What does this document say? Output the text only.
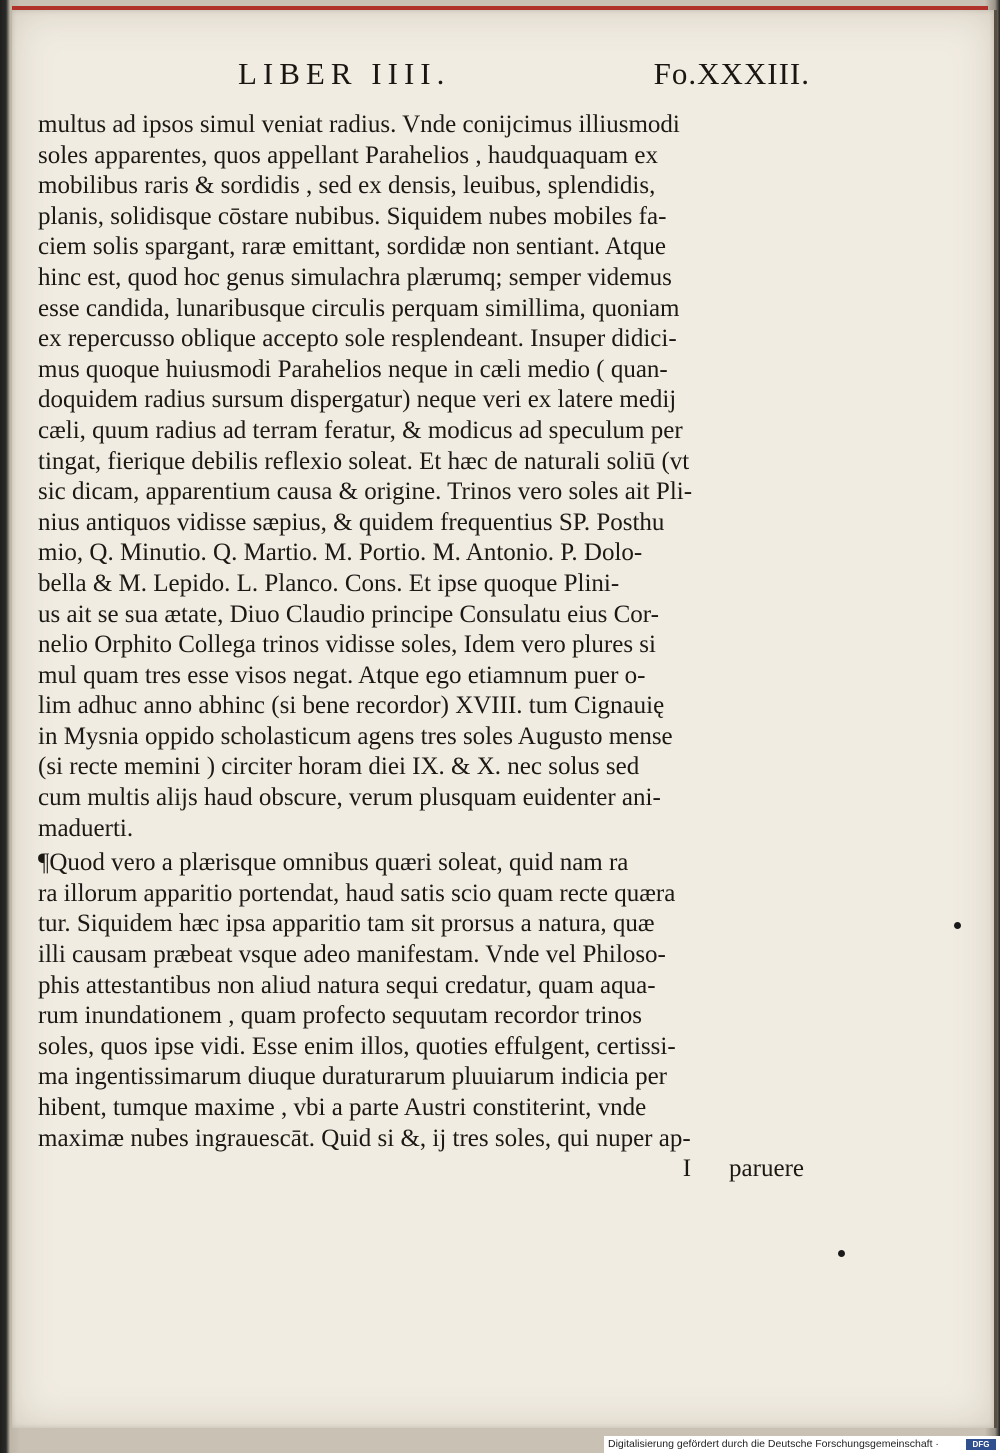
LIBER IIII.	Fo.XXXIII.
multus ad ipsos simul veniat radius. Vnde conijcimus illiusmodi
soles apparentes, quos appellant Parahelios , haudquaquam ex
mobilibus raris & sordidis , sed ex densis, leuibus, splendidis,
planis, solidisque cōstare nubibus. Siquidem nubes mobiles fa-
ciem solis spargant, raræ emittant, sordidæ non sentiant. Atque
hinc est, quod hoc genus simulachra plærumq; semper videmus
esse candida, lunaribusque circulis perquam simillima, quoniam
ex repercusso oblique accepto sole resplendeant. Insuper didici-
mus quoque huiusmodi Parahelios neque in cæli medio ( quan-
doquidem radius sursum dispergatur) neque veri ex latere medij
cæli, quum radius ad terram feratur, & modicus ad speculum per
tingat, fierique debilis reflexio soleat. Et hæc de naturali soliū (vt
sic dicam, apparentium causa & origine. Trinos vero soles ait Pli-
nius antiquos vidisse sæpius, & quidem frequentius SP. Posthu
mio, Q. Minutio. Q. Martio. M. Portio. M. Antonio. P. Dolo-
bella & M. Lepido. L. Planco. Cons. Et ipse quoque Plini-
us ait se sua ætate, Diuo Claudio principe Consulatu eius Cor-
nelio Orphito Collega trinos vidisse soles, Idem vero plures si
mul quam tres esse visos negat. Atque ego etiamnum puer o-
lim adhuc anno abhinc (si bene recordor) XVIII. tum Cignauię
in Mysnia oppido scholasticum agens tres soles Augusto mense
(si recte memini ) circiter horam diei IX. & X. nec solus sed
cum multis alijs haud obscure, verum plusquam euidenter ani-
maduerti.
¶Quod vero a plærisque omnibus quæri soleat, quid nam ra
ra illorum apparitio portendat, haud satis scio quam recte quæra
tur. Siquidem hæc ipsa apparitio tam sit prorsus a natura, quæ
illi causam præbeat vsque adeo manifestam. Vnde vel Philoso-
phis attestantibus non aliud natura sequi credatur, quam aqua-
rum inundationem , quam profecto sequutam recordor trinos
soles, quos ipse vidi. Esse enim illos, quoties effulgent, certissi-
ma ingentissimarum diuque duraturarum pluuiarum indicia per
hibent, tumque maxime , vbi a parte Austri constiterint, vnde
maximæ nubes ingrauescāt. Quid si &, ij tres soles, qui nuper ap-
I paruere
Digitalisierung gefördert durch die Deutsche Forschungsgemeinschaft ·	DFG
